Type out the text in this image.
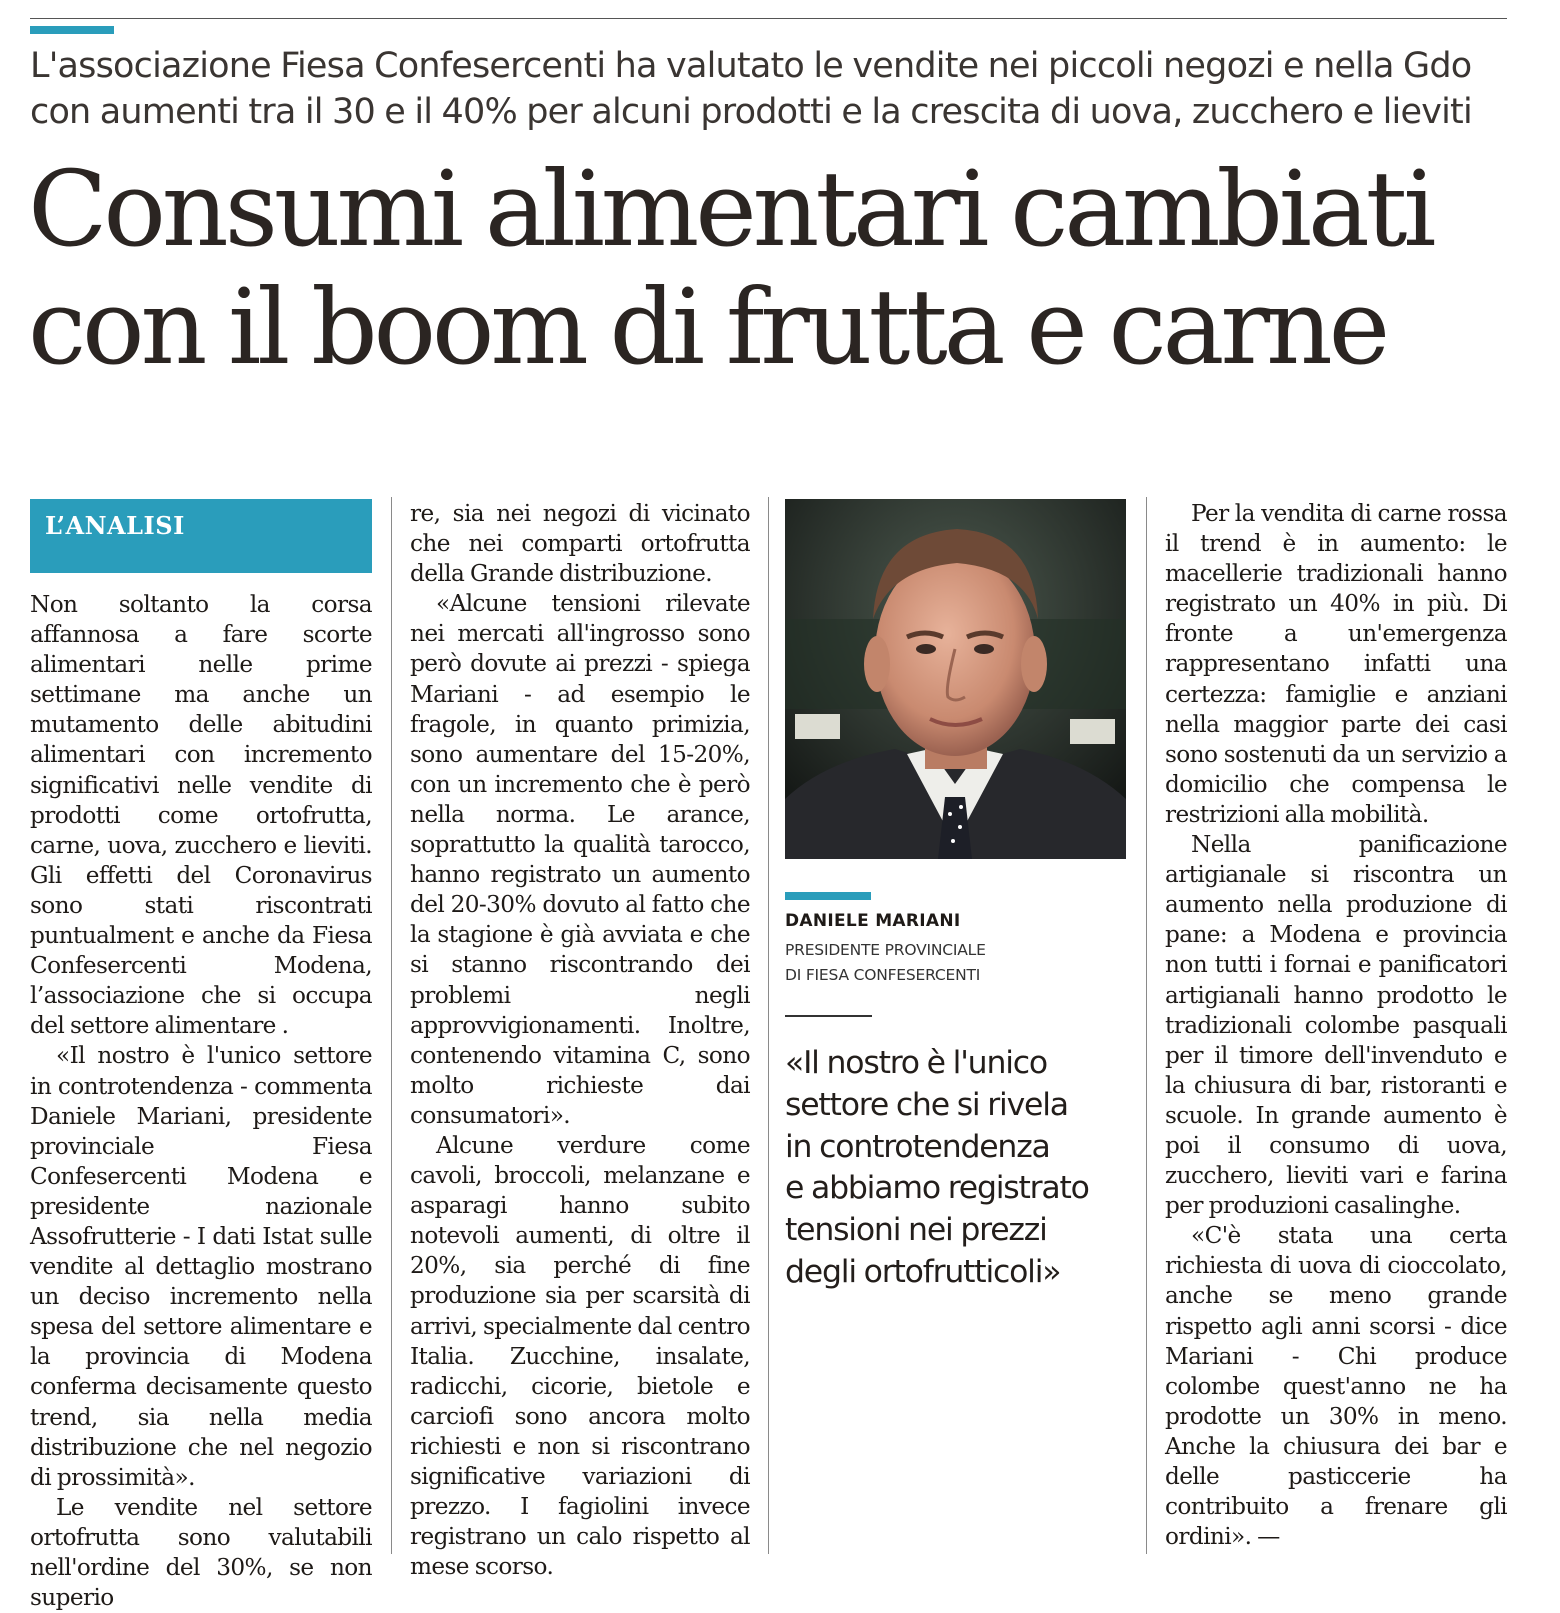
L'associazione Fiesa Confesercenti ha valutato le vendite nei piccoli negozi e nella Gdo
con aumenti tra il 30 e il 40% per alcuni prodotti e la crescita di uova, zucchero e lieviti
Consumi alimentari cambiati
con il boom di frutta e carne
L’ANALISI

Non soltanto la corsa affannosa a fare scorte alimentari nelle prime settimane ma anche un mutamento delle abitudini alimentari con incremento significativi nelle vendite di prodotti come ortofrutta, carne, uova, zucchero e lieviti. Gli effetti del Coronavirus sono stati riscontrati puntualment e anche da Fiesa Confesercenti Modena, l’associazione che si occupa del settore alimentare .

«Il nostro è l'unico settore in controtendenza - commenta Daniele Mariani, presidente provinciale Fiesa Confesercenti Modena e presidente nazionale Assofrutterie - I dati Istat sulle vendite al dettaglio mostrano un deciso incremento nella spesa del settore alimentare e la provincia di Modena conferma decisamente questo trend, sia nella media distribuzione che nel negozio di prossimità».

Le vendite nel settore ortofrutta sono valutabili nell'ordine del 30%, se non superio

re, sia nei negozi di vicinato che nei comparti ortofrutta della Grande distribuzione.

«Alcune tensioni rilevate nei mercati all'ingrosso sono però dovute ai prezzi - spiega Mariani - ad esempio le fragole, in quanto primizia, sono aumentare del 15-20%, con un incremento che è però nella norma. Le arance, soprattutto la qualità tarocco, hanno registrato un aumento del 20-30% dovuto al fatto che la stagione è già avviata e che si stanno riscontrando dei problemi negli approvvigionamenti. Inoltre, contenendo vitamina C, sono molto richieste dai consumatori».

Alcune verdure come cavoli, broccoli, melanzane e asparagi hanno subito notevoli aumenti, di oltre il 20%, sia perché di fine produzione sia per scarsità di arrivi, specialmente dal centro Italia. Zucchine, insalate, radicchi, cicorie, bietole e carciofi sono ancora molto richiesti e non si riscontrano significative variazioni di prezzo. I fagiolini invece registrano un calo rispetto al mese scorso.

DANIELE MARIANI
PRESIDENTE PROVINCIALE
DI FIESA CONFESERCENTI
«Il nostro è l'unico
settore che si rivela
in controtendenza
e abbiamo registrato
tensioni nei prezzi
degli ortofrutticoli»

Per la vendita di carne rossa il trend è in aumento: le macellerie tradizionali hanno registrato un 40% in più. Di fronte a un'emergenza rappresentano infatti una certezza: famiglie e anziani nella maggior parte dei casi sono sostenuti da un servizio a domicilio che compensa le restrizioni alla mobilità.

Nella panificazione artigianale si riscontra un aumento nella produzione di pane: a Modena e provincia non tutti i fornai e panificatori artigianali hanno prodotto le tradizionali colombe pasquali per il timore dell'invenduto e la chiusura di bar, ristoranti e scuole. In grande aumento è poi il consumo di uova, zucchero, lieviti vari e farina per produzioni casalinghe.

«C'è stata una certa richiesta di uova di cioccolato, anche se meno grande rispetto agli anni scorsi - dice Mariani - Chi produce colombe quest'anno ne ha prodotte un 30% in meno. Anche la chiusura dei bar e delle pasticcerie ha contribuito a frenare gli ordini». —
